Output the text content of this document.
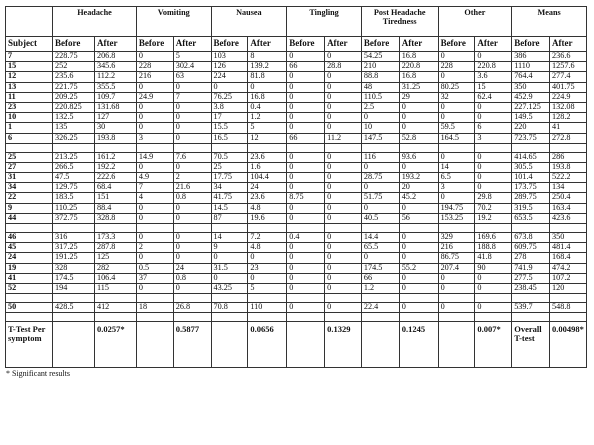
	Headache		Vomiting		Nausea		Tingling		Post Headache Tiredness		Other		Means	
Subject	Before	After	Before	After	Before	After	Before	After	Before	After	Before	After	Before	After
7	228.75	206.8	0	5	103	8	0	0	54.25	16.8	0	0	386	236.6
15	252	345.6	228	302.4	126	139.2	66	28.8	210	220.8	228	220.8	1110	1257.6
12	235.6	112.2	216	63	224	81.8	0	0	88.8	16.8	0	3.6	764.4	277.4
13	221.75	355.5	0	0	0	0	0	0	48	31.25	80.25	15	350	401.75
11	209.25	109.7	24.9	7	76.25	16.8	0	0	110.5	29	32	62.4	452.9	224.9
23	220.825	131.68	0	0	3.8	0.4	0	0	2.5	0	0	0	227.125	132.08
10	132.5	127	0	0	17	1.2	0	0	0	0	0	0	149.5	128.2
1	135	30	0	0	15.5	5	0	0	10	0	59.5	6	220	41
6	326.25	193.8	3	0	16.5	12	66	11.2	147.5	52.8	164.5	3	723.75	272.8

25	213.25	161.2	14.9	7.6	70.5	23.6	0	0	116	93.6	0	0	414.65	286
27	266.5	192.2	0	0	25	1.6	0	0	0	0	14	0	305.5	193.8
31	47.5	222.6	4.9	2	17.75	104.4	0	0	28.75	193.2	6.5	0	101.4	522.2
34	129.75	68.4	7	21.6	34	24	0	0	0	20	3	0	173.75	134
22	183.5	151	4	0.8	41.75	23.6	8.75	0	51.75	45.2	0	29.8	289.75	250.4
9	110.25	88.4	0	0	14.5	4.8	0	0	0	0	194.75	70.2	319.5	163.4
44	372.75	328.8	0	0	87	19.6	0	0	40.5	56	153.25	19.2	653.5	423.6

46	316	173.3	0	0	14	7.2	0.4	0	14.4	0	329	169.6	673.8	350
45	317.25	287.8	2	0	9	4.8	0	0	65.5	0	216	188.8	609.75	481.4
24	191.25	125	0	0	0	0	0	0	0	0	86.75	41.8	278	168.4
19	328	282	0.5	24	31.5	23	0	0	174.5	55.2	207.4	90	741.9	474.2
41	174.5	106.4	37	0.8	0	0	0	0	66	0	0	0	277.5	107.2
52	194	115	0	0	43.25	5	0	0	1.2	0	0	0	238.45	120

50	428.5	412	18	26.8	70.8	110	0	0	22.4	0	0	0	539.7	548.8

T-Test Per symptom		0.0257*		0.5877		0.0656		0.1329		0.1245		0.007*	Overall T-test	0.00498*
* Significant results
